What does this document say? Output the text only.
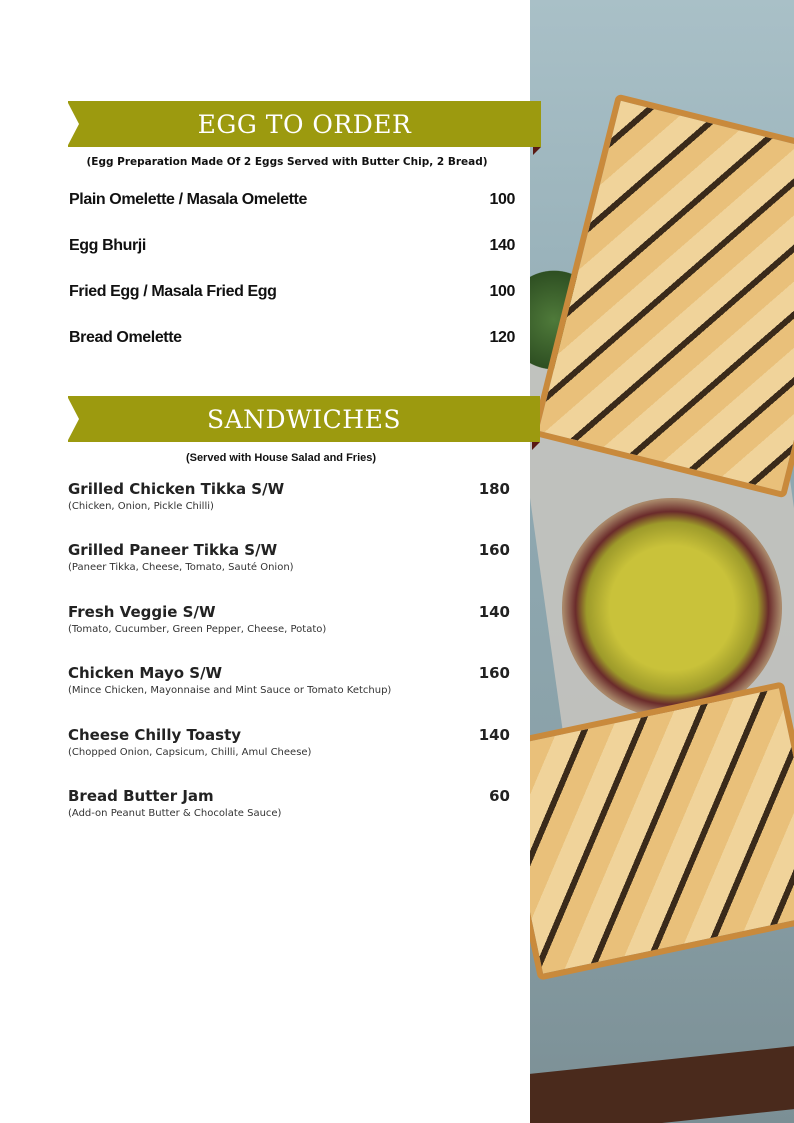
EGG TO ORDER
(Egg Preparation Made Of 2 Eggs Served with Butter Chip, 2 Bread)
Plain Omelette / Masala Omelette	100
Egg Bhurji	140
Fried Egg / Masala Fried Egg	100
Bread Omelette	120
SANDWICHES
(Served with House Salad and Fries)
Grilled Chicken Tikka S/W	180
(Chicken, Onion, Pickle Chilli)
Grilled Paneer Tikka S/W	160
(Paneer Tikka, Cheese, Tomato, Sauté Onion)
Fresh Veggie S/W	140
(Tomato, Cucumber, Green Pepper, Cheese, Potato)
Chicken Mayo S/W	160
(Mince Chicken, Mayonnaise and Mint Sauce or Tomato Ketchup)
Cheese Chilly Toasty	140
(Chopped Onion, Capsicum, Chilli, Amul Cheese)
Bread Butter Jam	60
(Add-on Peanut Butter & Chocolate Sauce)
